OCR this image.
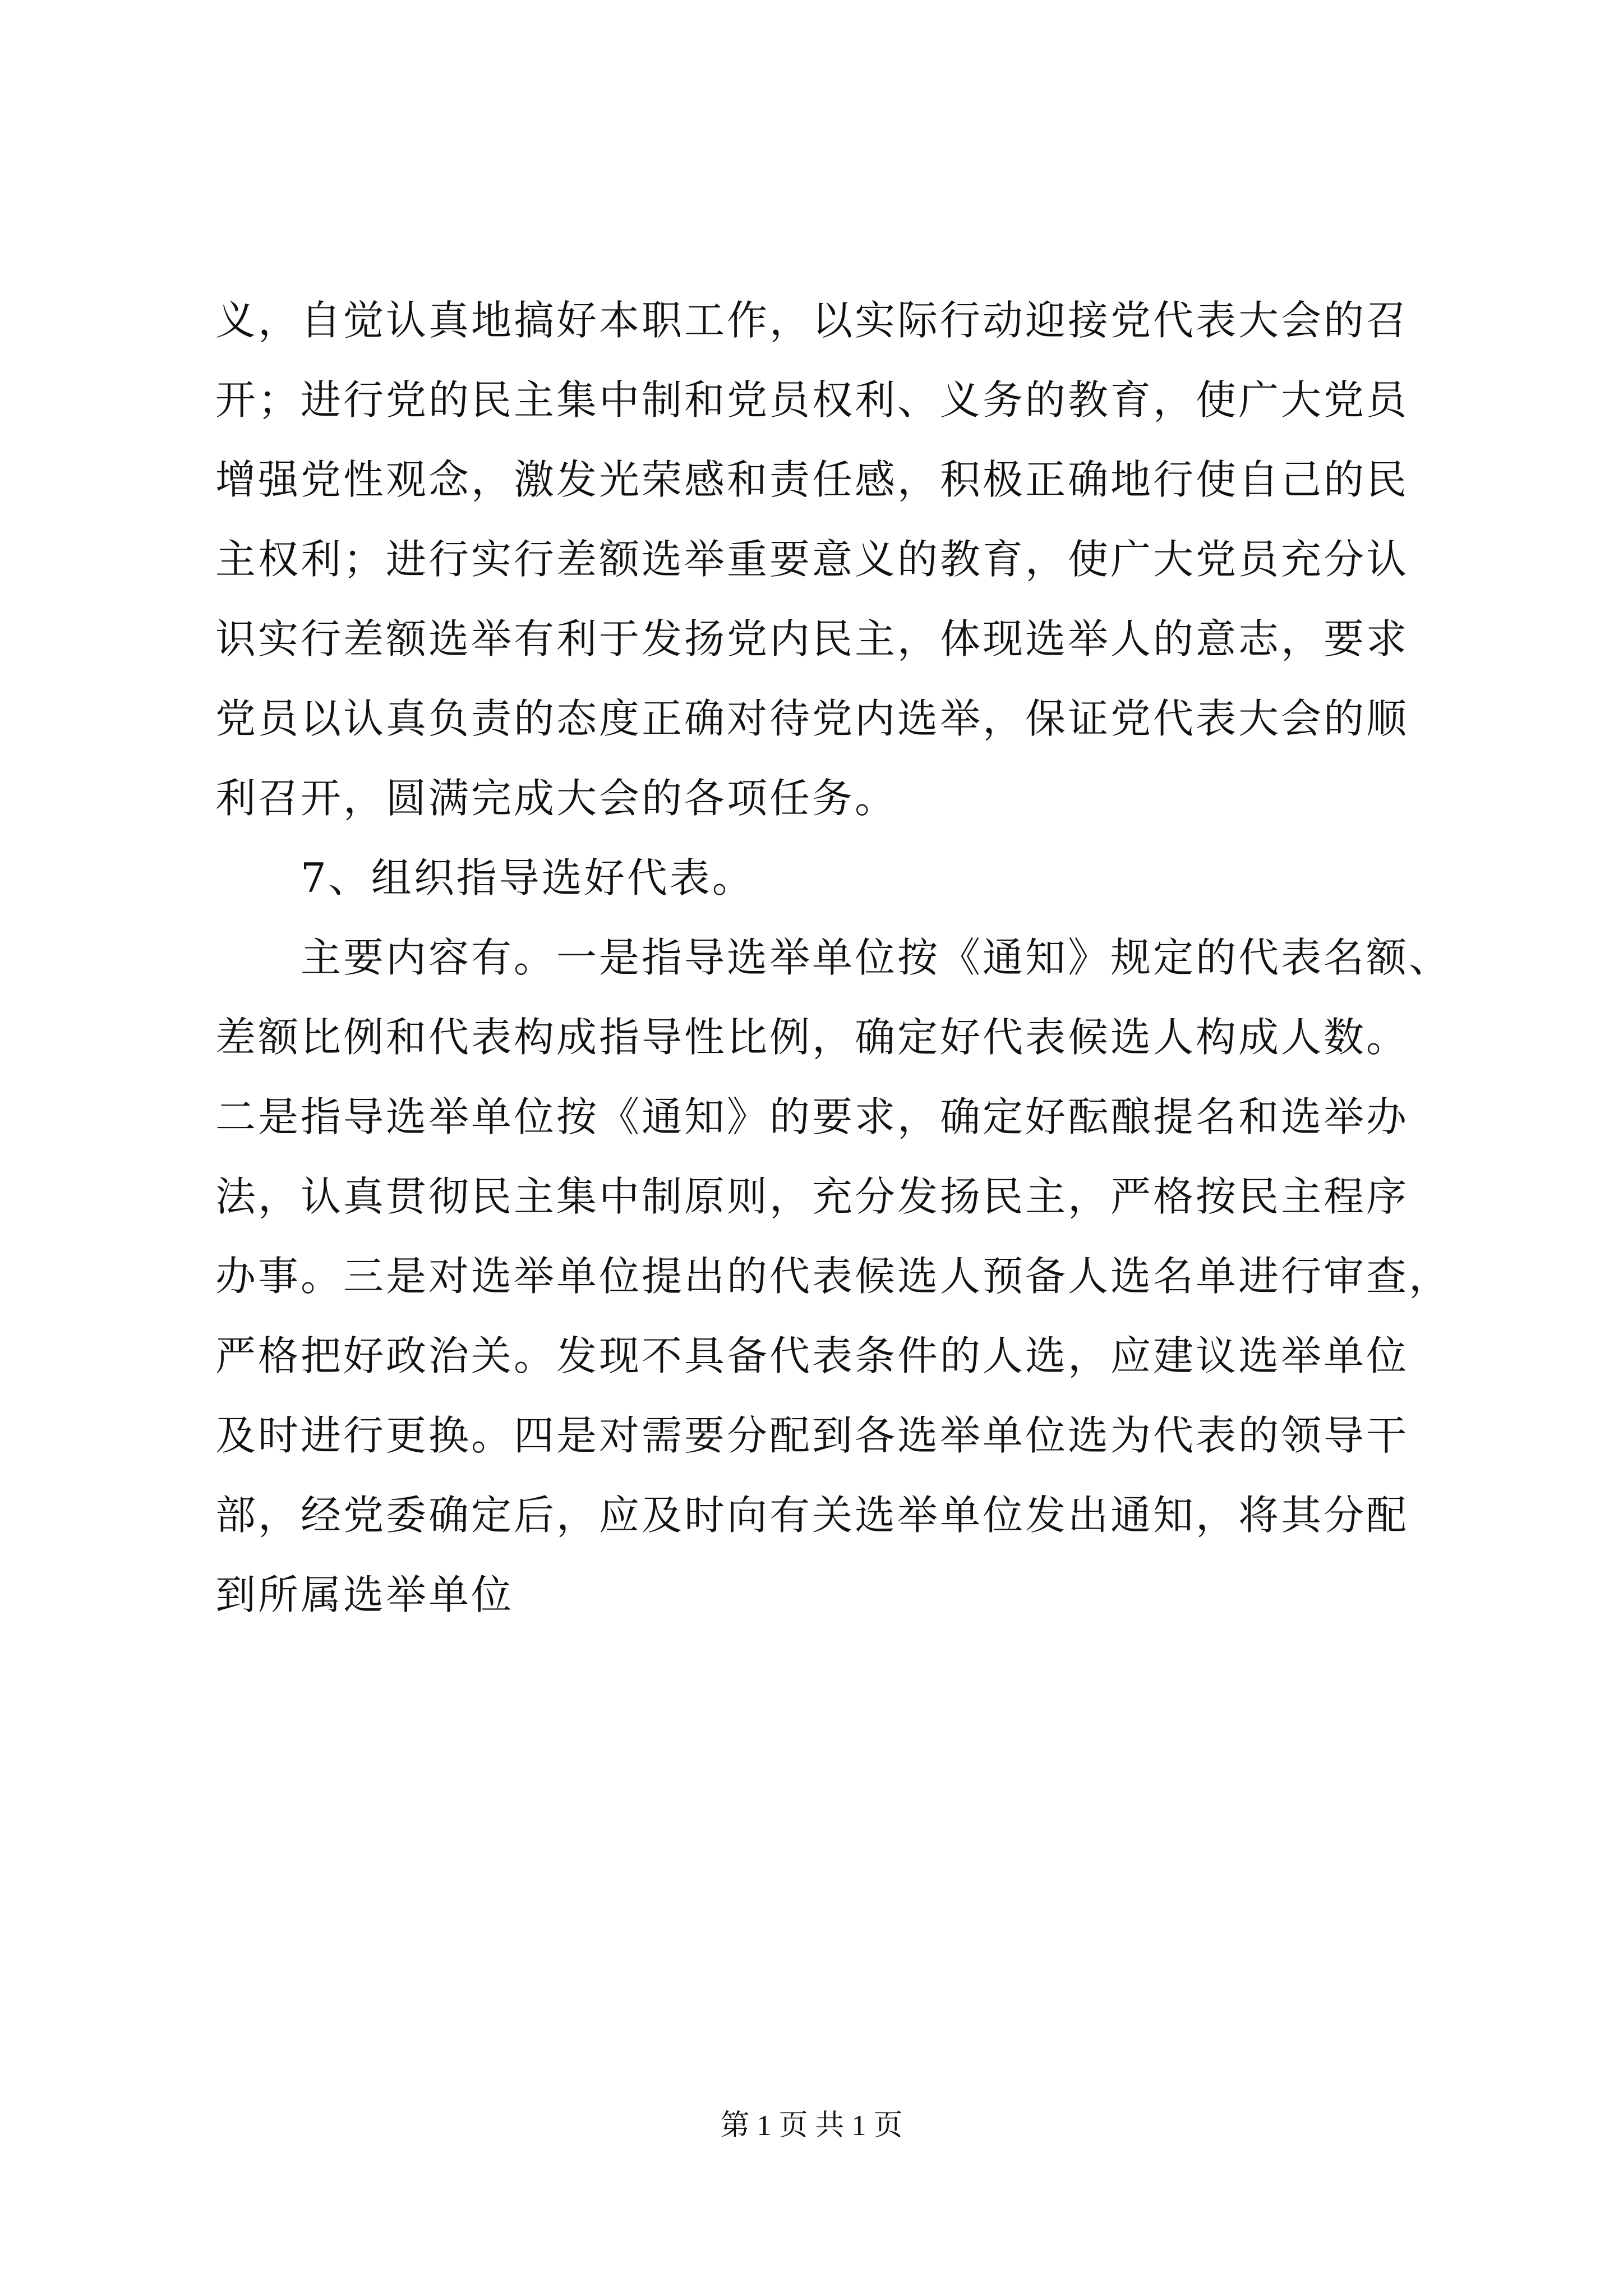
义，自觉认真地搞好本职工作，以实际行动迎接党代表大会的召
开；进行党的民主集中制和党员权利、义务的教育，使广大党员
增强党性观念，激发光荣感和责任感，积极正确地行使自己的民
主权利；进行实行差额选举重要意义的教育，使广大党员充分认
识实行差额选举有利于发扬党内民主，体现选举人的意志，要求
党员以认真负责的态度正确对待党内选举，保证党代表大会的顺
利召开，圆满完成大会的各项任务。
7、组织指导选好代表。
主要内容有。一是指导选举单位按《通知》规定的代表名额、
差额比例和代表构成指导性比例，确定好代表候选人构成人数。
二是指导选举单位按《通知》的要求，确定好酝酿提名和选举办
法，认真贯彻民主集中制原则，充分发扬民主，严格按民主程序
办事。三是对选举单位提出的代表候选人预备人选名单进行审查，
严格把好政治关。发现不具备代表条件的人选，应建议选举单位
及时进行更换。四是对需要分配到各选举单位选为代表的领导干
部，经党委确定后，应及时向有关选举单位发出通知，将其分配
到所属选举单位
第 1 页 共 1 页
